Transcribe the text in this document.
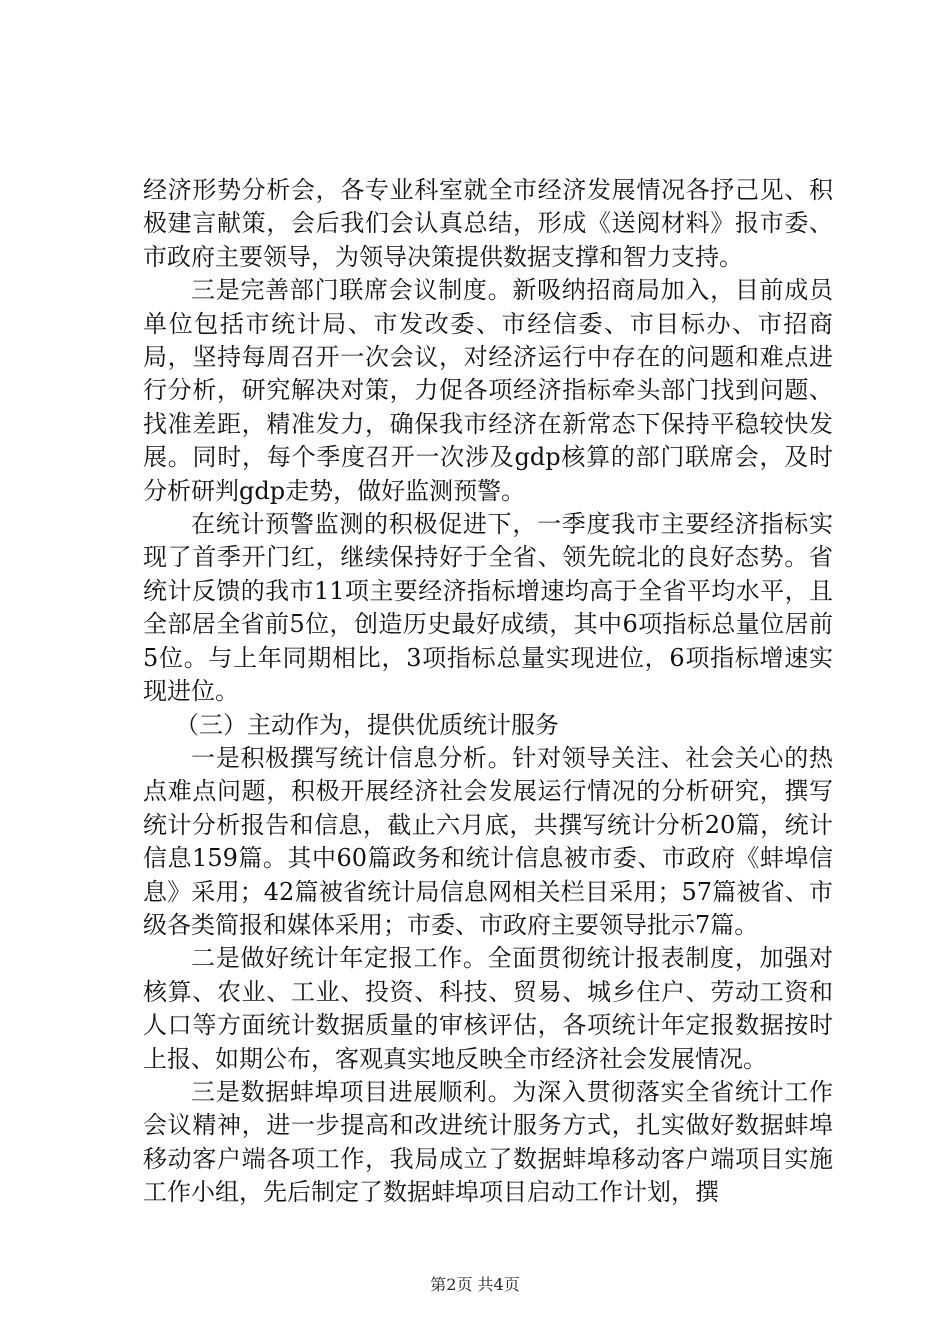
经济形势分析会，各专业科室就全市经济发展情况各抒己见、积极建言献策，会后我们会认真总结，形成《送阅材料》报市委、市政府主要领导，为领导决策提供数据支撑和智力支持。

三是完善部门联席会议制度。新吸纳招商局加入，目前成员单位包括市统计局、市发改委、市经信委、市目标办、市招商局，坚持每周召开一次会议，对经济运行中存在的问题和难点进行分析，研究解决对策，力促各项经济指标牵头部门找到问题、找准差距，精准发力，确保我市经济在新常态下保持平稳较快发展。同时，每个季度召开一次涉及gdp核算的部门联席会，及时分析研判gdp走势，做好监测预警。

在统计预警监测的积极促进下，一季度我市主要经济指标实现了首季开门红，继续保持好于全省、领先皖北的良好态势。省统计反馈的我市11项主要经济指标增速均高于全省平均水平，且全部居全省前5位，创造历史最好成绩，其中6项指标总量位居前5位。与上年同期相比，3项指标总量实现进位，6项指标增速实现进位。

（三）主动作为，提供优质统计服务

一是积极撰写统计信息分析。针对领导关注、社会关心的热点难点问题，积极开展经济社会发展运行情况的分析研究，撰写统计分析报告和信息，截止六月底，共撰写统计分析20篇，统计信息159篇。其中60篇政务和统计信息被市委、市政府《蚌埠信息》采用；42篇被省统计局信息网相关栏目采用；57篇被省、市级各类简报和媒体采用；市委、市政府主要领导批示7篇。

二是做好统计年定报工作。全面贯彻统计报表制度，加强对核算、农业、工业、投资、科技、贸易、城乡住户、劳动工资和人口等方面统计数据质量的审核评估，各项统计年定报数据按时上报、如期公布，客观真实地反映全市经济社会发展情况。

三是数据蚌埠项目进展顺利。为深入贯彻落实全省统计工作会议精神，进一步提高和改进统计服务方式，扎实做好数据蚌埠移动客户端各项工作，我局成立了数据蚌埠移动客户端项目实施工作小组，先后制定了数据蚌埠项目启动工作计划，撰

第2页 共4页
